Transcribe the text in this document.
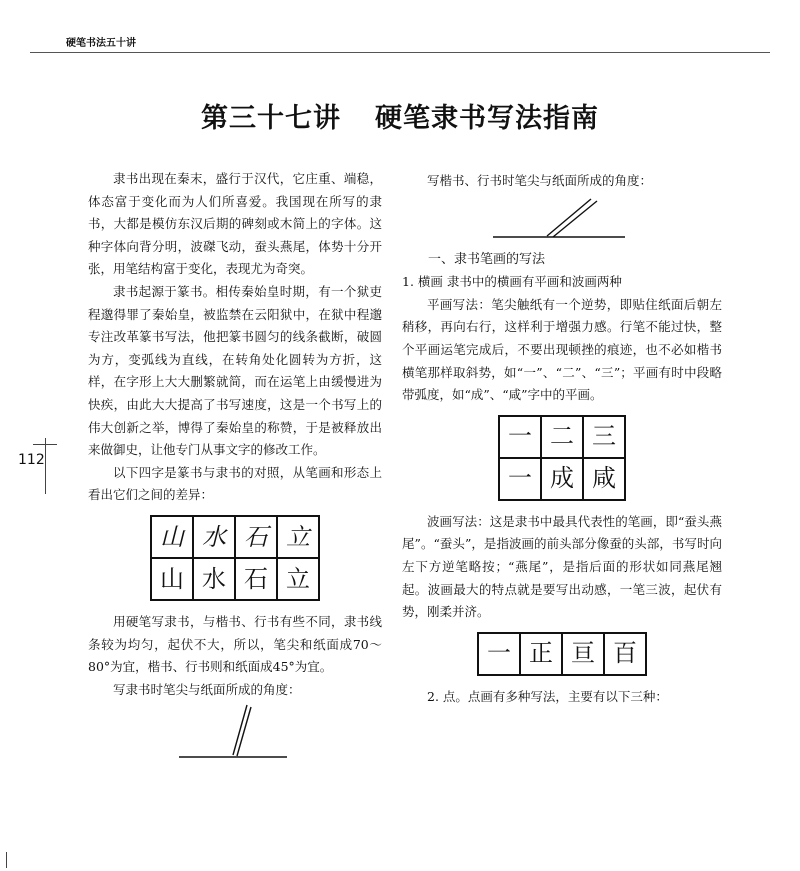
硬笔书法五十讲
第三十七讲 硬笔隶书写法指南
112

隶书出现在秦末，盛行于汉代，它庄重、端稳，体态富于变化而为人们所喜爱。我国现在所写的隶书，大都是模仿东汉后期的碑刻或木简上的字体。这种字体向背分明，波磔飞动，蚕头燕尾，体势十分开张，用笔结构富于变化，表现尤为奇突。

隶书起源于篆书。相传秦始皇时期，有一个狱吏程邈得罪了秦始皇，被监禁在云阳狱中，在狱中程邈专注改革篆书写法，他把篆书圆匀的线条截断，破圆为方，变弧线为直线，在转角处化圆转为方折，这样，在字形上大大删繁就简，而在运笔上由缓慢进为快疾，由此大大提高了书写速度，这是一个书写上的伟大创新之举，博得了秦始皇的称赞，于是被释放出来做御史，让他专门从事文字的修改工作。

以下四字是篆书与隶书的对照，从笔画和形态上看出它们之间的差异：

山	水	石	立
山	水	石	立

用硬笔写隶书，与楷书、行书有些不同，隶书线条较为均匀，起伏不大，所以，笔尖和纸面成70～80°为宜，楷书、行书则和纸面成45°为宜。

写隶书时笔尖与纸面所成的角度：

写楷书、行书时笔尖与纸面所成的角度：

一、隶书笔画的写法

1. 横画 隶书中的横画有平画和波画两种

平画写法：笔尖触纸有一个逆势，即贴住纸面后朝左稍移，再向右行，这样利于增强力感。行笔不能过快，整个平画运笔完成后，不要出现顿挫的痕迹，也不必如楷书横笔那样取斜势，如“一”、“二”、“三”；平画有时中段略带弧度，如“成”、“咸”字中的平画。

一	二	三
一	成	咸

波画写法：这是隶书中最具代表性的笔画，即“蚕头燕尾”。“蚕头”，是指波画的前头部分像蚕的头部，书写时向左下方逆笔略按；“燕尾”，是指后面的形状如同燕尾翘起。波画最大的特点就是要写出动感，一笔三波，起伏有势，刚柔并济。

一	正	亘	百

2. 点。点画有多种写法，主要有以下三种：
